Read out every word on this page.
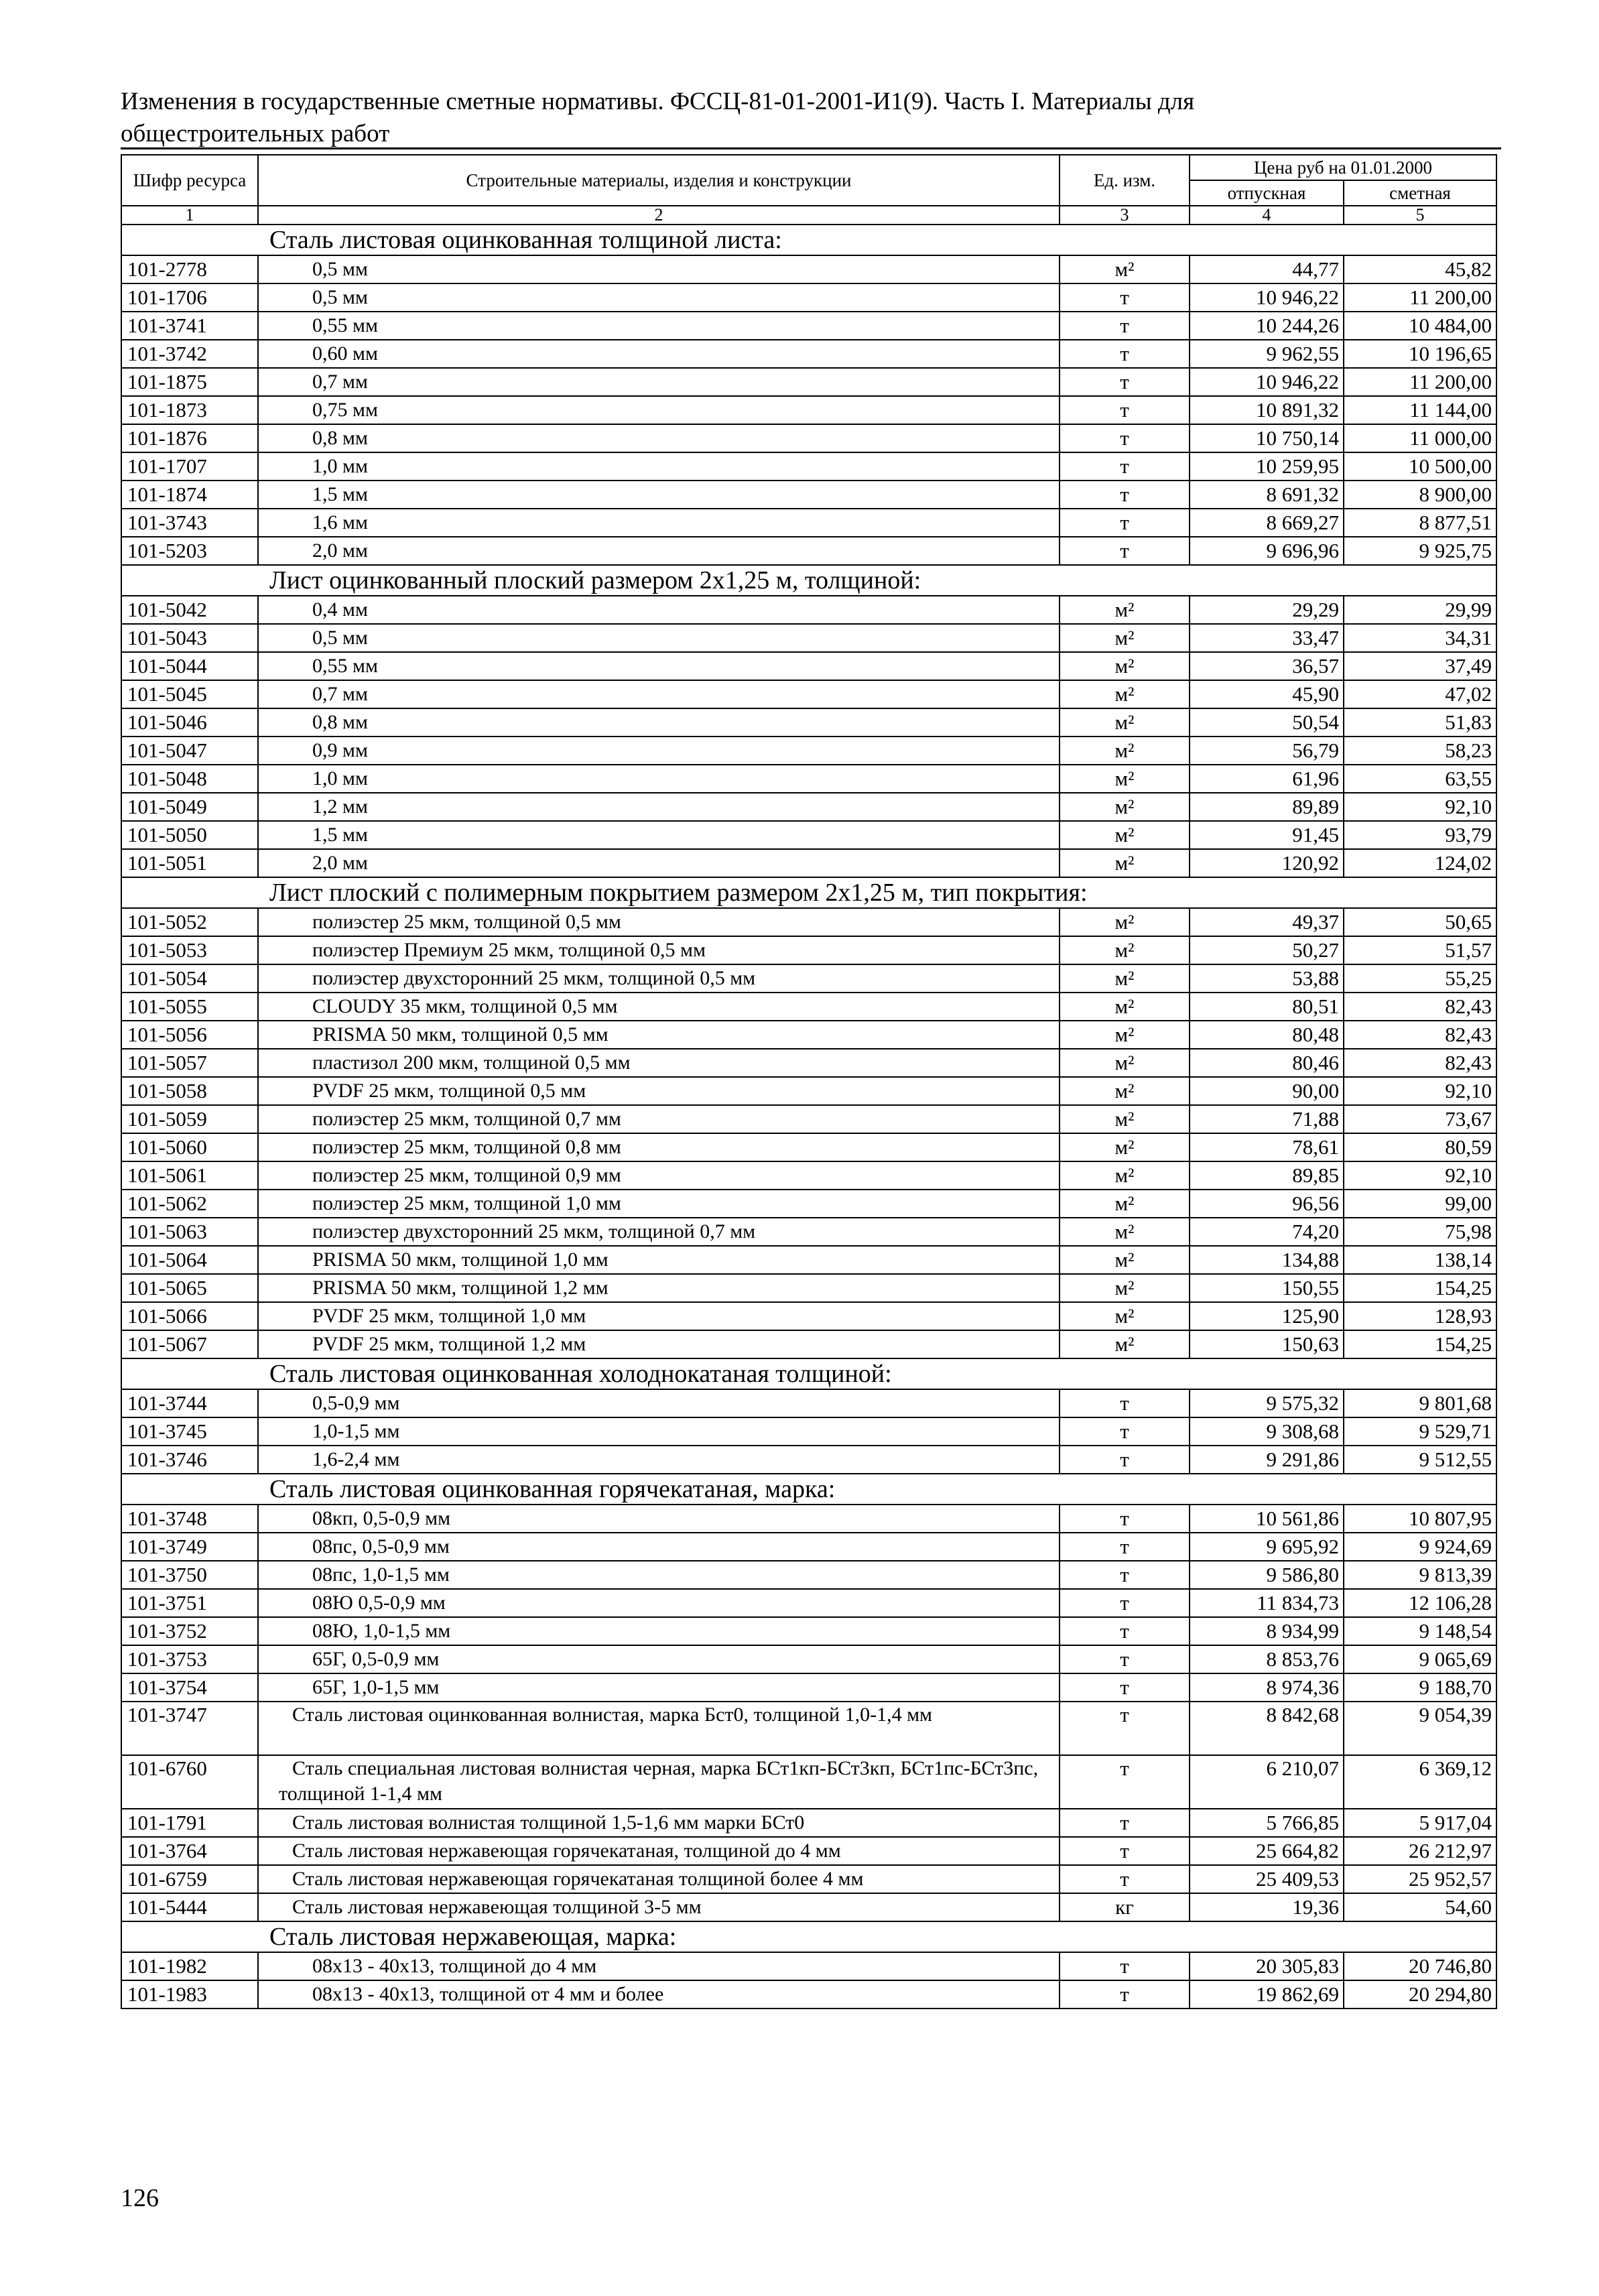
Изменения в государственные сметные нормативы. ФССЦ-81-01-2001-И1(9). Часть I. Материалы для
общестроительных работ
Шифр ресурса	Строительные материалы, изделия и конструкции	Ед. изм.	Цена руб на 01.01.2000	
			отпускная	сметная
1	2	3	4	5
Сталь листовая оцинкованная толщиной листа:				
101-2778	0,5 мм	м²	44,77	45,82
101-1706	0,5 мм	т	10 946,22	11 200,00
101-3741	0,55 мм	т	10 244,26	10 484,00
101-3742	0,60 мм	т	9 962,55	10 196,65
101-1875	0,7 мм	т	10 946,22	11 200,00
101-1873	0,75 мм	т	10 891,32	11 144,00
101-1876	0,8 мм	т	10 750,14	11 000,00
101-1707	1,0 мм	т	10 259,95	10 500,00
101-1874	1,5 мм	т	8 691,32	8 900,00
101-3743	1,6 мм	т	8 669,27	8 877,51
101-5203	2,0 мм	т	9 696,96	9 925,75
Лист оцинкованный плоский размером 2х1,25 м, толщиной:				
101-5042	0,4 мм	м²	29,29	29,99
101-5043	0,5 мм	м²	33,47	34,31
101-5044	0,55 мм	м²	36,57	37,49
101-5045	0,7 мм	м²	45,90	47,02
101-5046	0,8 мм	м²	50,54	51,83
101-5047	0,9 мм	м²	56,79	58,23
101-5048	1,0 мм	м²	61,96	63,55
101-5049	1,2 мм	м²	89,89	92,10
101-5050	1,5 мм	м²	91,45	93,79
101-5051	2,0 мм	м²	120,92	124,02
Лист плоский с полимерным покрытием размером 2х1,25 м, тип покрытия:				
101-5052	полиэстер 25 мкм, толщиной 0,5 мм	м²	49,37	50,65
101-5053	полиэстер Премиум 25 мкм, толщиной 0,5 мм	м²	50,27	51,57
101-5054	полиэстер двухсторонний 25 мкм, толщиной 0,5 мм	м²	53,88	55,25
101-5055	CLOUDY 35 мкм, толщиной 0,5 мм	м²	80,51	82,43
101-5056	PRISMA 50 мкм, толщиной 0,5 мм	м²	80,48	82,43
101-5057	пластизол 200 мкм, толщиной 0,5 мм	м²	80,46	82,43
101-5058	PVDF 25 мкм, толщиной 0,5 мм	м²	90,00	92,10
101-5059	полиэстер 25 мкм, толщиной 0,7 мм	м²	71,88	73,67
101-5060	полиэстер 25 мкм, толщиной 0,8 мм	м²	78,61	80,59
101-5061	полиэстер 25 мкм, толщиной 0,9 мм	м²	89,85	92,10
101-5062	полиэстер 25 мкм, толщиной 1,0 мм	м²	96,56	99,00
101-5063	полиэстер двухсторонний 25 мкм, толщиной 0,7 мм	м²	74,20	75,98
101-5064	PRISMA 50 мкм, толщиной 1,0 мм	м²	134,88	138,14
101-5065	PRISMA 50 мкм, толщиной 1,2 мм	м²	150,55	154,25
101-5066	PVDF 25 мкм, толщиной 1,0 мм	м²	125,90	128,93
101-5067	PVDF 25 мкм, толщиной 1,2 мм	м²	150,63	154,25
Сталь листовая оцинкованная холоднокатаная толщиной:				
101-3744	0,5-0,9 мм	т	9 575,32	9 801,68
101-3745	1,0-1,5 мм	т	9 308,68	9 529,71
101-3746	1,6-2,4 мм	т	9 291,86	9 512,55
Сталь листовая оцинкованная горячекатаная, марка:				
101-3748	08кп, 0,5-0,9 мм	т	10 561,86	10 807,95
101-3749	08пс, 0,5-0,9 мм	т	9 695,92	9 924,69
101-3750	08пс, 1,0-1,5 мм	т	9 586,80	9 813,39
101-3751	08Ю 0,5-0,9 мм	т	11 834,73	12 106,28
101-3752	08Ю, 1,0-1,5 мм	т	8 934,99	9 148,54
101-3753	65Г, 0,5-0,9 мм	т	8 853,76	9 065,69
101-3754	65Г, 1,0-1,5 мм	т	8 974,36	9 188,70
101-3747	Сталь листовая оцинкованная волнистая, марка Бст0, толщиной 1,0-1,4 мм	т	8 842,68	9 054,39
101-6760	Сталь специальная листовая волнистая черная, марка БСт1кп-БСт3кп, БСт1пс-БСт3пс, толщиной 1-1,4 мм	т	6 210,07	6 369,12
101-1791	Сталь листовая волнистая толщиной 1,5-1,6 мм марки БСт0	т	5 766,85	5 917,04
101-3764	Сталь листовая нержавеющая горячекатаная, толщиной до 4 мм	т	25 664,82	26 212,97
101-6759	Сталь листовая нержавеющая горячекатаная толщиной более 4 мм	т	25 409,53	25 952,57
101-5444	Сталь листовая нержавеющая толщиной 3-5 мм	кг	19,36	54,60
Сталь листовая нержавеющая, марка:				
101-1982	08х13 - 40х13, толщиной до 4 мм	т	20 305,83	20 746,80
101-1983	08х13 - 40х13, толщиной от 4 мм и более	т	19 862,69	20 294,80
126
